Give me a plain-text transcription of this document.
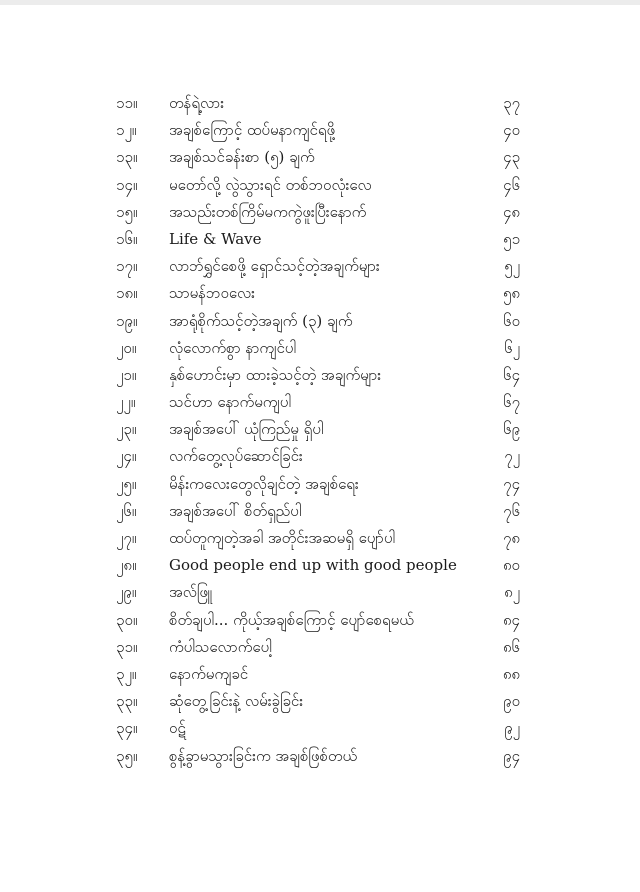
၁၁။	တန်ရဲ့လား	၃၇
၁၂။	အချစ်ကြောင့် ထပ်မနာကျင်ရဖို့	၄၀
၁၃။	အချစ်သင်ခန်းစာ (၅) ချက်	၄၃
၁၄။	မတော်လို့ လွဲသွားရင် တစ်ဘဝလုံးလေ	၄၆
၁၅။	အသည်းတစ်ကြိမ်မကကွဲဖူးပြီးနောက်	၄၈
၁၆။	Life & Wave	၅၁
၁၇။	လာဘ်ရွှင်စေဖို့ ရှောင်သင့်တဲ့အချက်များ	၅၂
၁၈။	သာမန်ဘဝလေး	၅၈
၁၉။	အာရုံစိုက်သင့်တဲ့အချက် (၃) ချက်	၆၀
၂၀။	လုံလောက်စွာ နာကျင်ပါ	၆၂
၂၁။	နှစ်ဟောင်းမှာ ထားခဲ့သင့်တဲ့ အချက်များ	၆၄
၂၂။	သင်ဟာ နောက်မကျပါ	၆၇
၂၃။	အချစ်အပေါ် ယုံကြည်မှု ရှိပါ	၆၉
၂၄။	လက်တွေ့လုပ်ဆောင်ခြင်း	၇၂
၂၅။	မိန်းကလေးတွေလိုချင်တဲ့ အချစ်ရေး	၇၄
၂၆။	အချစ်အပေါ် စိတ်ရှည်ပါ	၇၆
၂၇။	ထပ်တူကျတဲ့အခါ အတိုင်းအဆမရှိ ပျော်ပါ	၇၈
၂၈။	Good people end up with good people	၈၀
၂၉။	အလ်ဖြူ	၈၂
၃၀။	စိတ်ချပါ... ကိုယ့်အချစ်ကြောင့် ပျော်စေရမယ်	၈၄
၃၁။	ကံပါသလောက်ပေါ့	၈၆
၃၂။	နောက်မကျခင်	၈၈
၃၃။	ဆုံတွေ့ခြင်းနဲ့ လမ်းခွဲခြင်း	၉၀
၃၄။	ဝဋ်	၉၂
၃၅။	စွန့်ခွာမသွားခြင်းက အချစ်ဖြစ်တယ်	၉၄
